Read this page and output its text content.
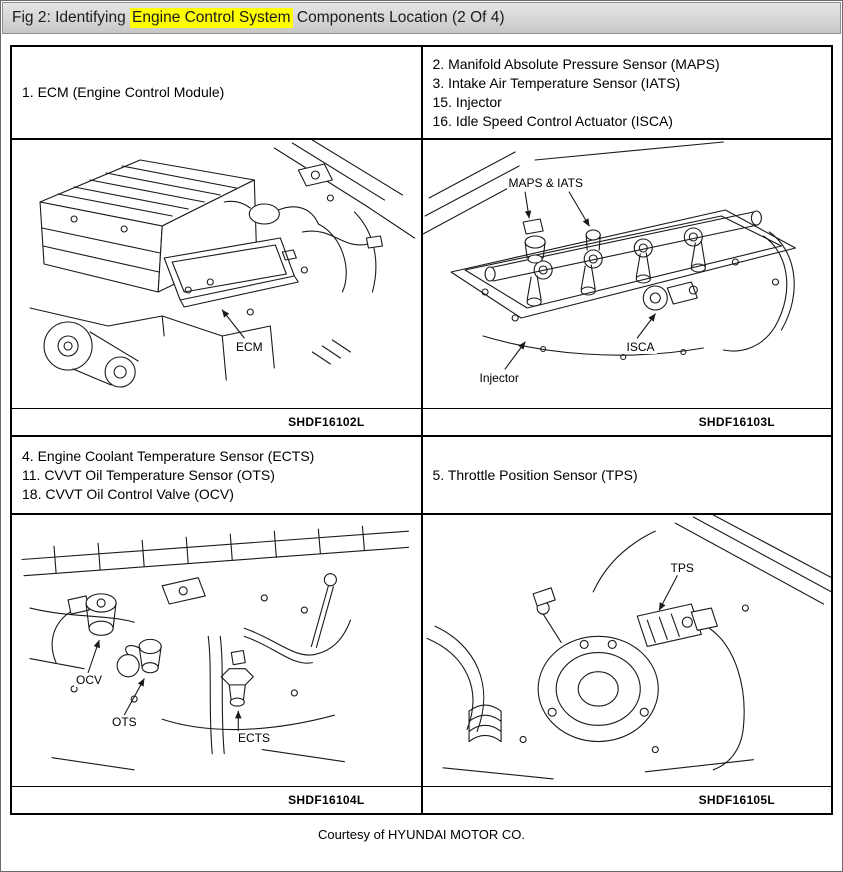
Fig 2: Identifying Engine Control System Components Location (2 Of 4)
1. ECM (Engine Control Module)
2. Manifold Absolute Pressure Sensor (MAPS)
3. Intake Air Temperature Sensor (IATS)
15. Injector
16. Idle Speed Control Actuator (ISCA)
ECM
SHDF16102L
MAPS & IATS
ISCA
Injector
SHDF16103L
4. Engine Coolant Temperature Sensor (ECTS)
11. CVVT Oil Temperature Sensor (OTS)
18. CVVT Oil Control Valve (OCV)
5. Throttle Position Sensor (TPS)
OCV
OTS
ECTS
SHDF16104L
TPS
SHDF16105L
Courtesy of HYUNDAI MOTOR CO.
